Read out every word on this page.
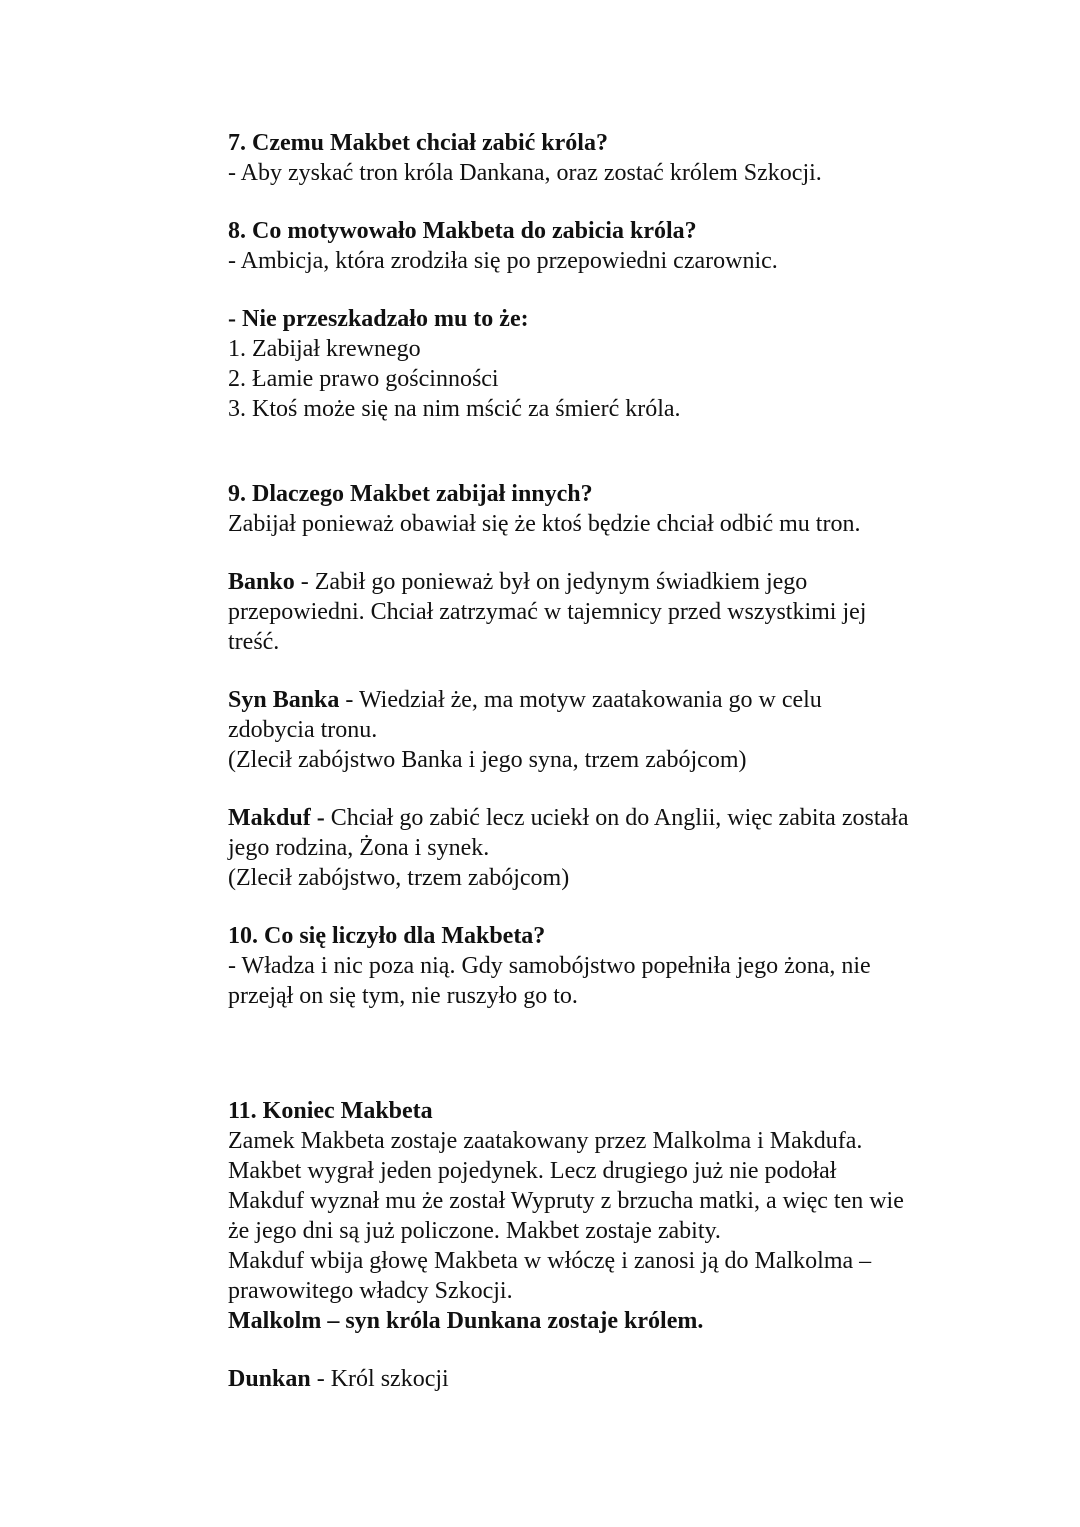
7. Czemu Makbet chciał zabić króla?
- Aby zyskać tron króla Dankana, oraz zostać królem Szkocji.
8. Co motywowało Makbeta do zabicia króla?
- Ambicja, która zrodziła się po przepowiedni czarownic.
- Nie przeszkadzało mu to że:
1. Zabijał krewnego
2. Łamie prawo gościnności
3. Ktoś może się na nim mścić za śmierć króla.
9. Dlaczego Makbet zabijał innych?
Zabijał ponieważ obawiał się że ktoś będzie chciał odbić mu tron.
Banko - Zabił go ponieważ był on jedynym świadkiem jego
przepowiedni. Chciał zatrzymać w tajemnicy przed wszystkimi jej
treść.
Syn Banka - Wiedział że, ma motyw zaatakowania go w celu
zdobycia tronu.
(Zlecił zabójstwo Banka i jego syna, trzem zabójcom)
Makduf - Chciał go zabić lecz uciekł on do Anglii, więc zabita została
jego rodzina, Żona i synek.
(Zlecił zabójstwo, trzem zabójcom)
10. Co się liczyło dla Makbeta?
- Władza i nic poza nią. Gdy samobójstwo popełniła jego żona, nie
przejął on się tym, nie ruszyło go to.
11. Koniec Makbeta
Zamek Makbeta zostaje zaatakowany przez Malkolma i Makdufa.
Makbet wygrał jeden pojedynek. Lecz drugiego już nie podołał
Makduf wyznał mu że został Wypruty z brzucha matki, a więc ten wie
że jego dni są już policzone. Makbet zostaje zabity.
Makduf wbija głowę Makbeta w włóczę i zanosi ją do Malkolma –
prawowitego władcy Szkocji.
Malkolm – syn króla Dunkana zostaje królem.
Dunkan - Król szkocji
